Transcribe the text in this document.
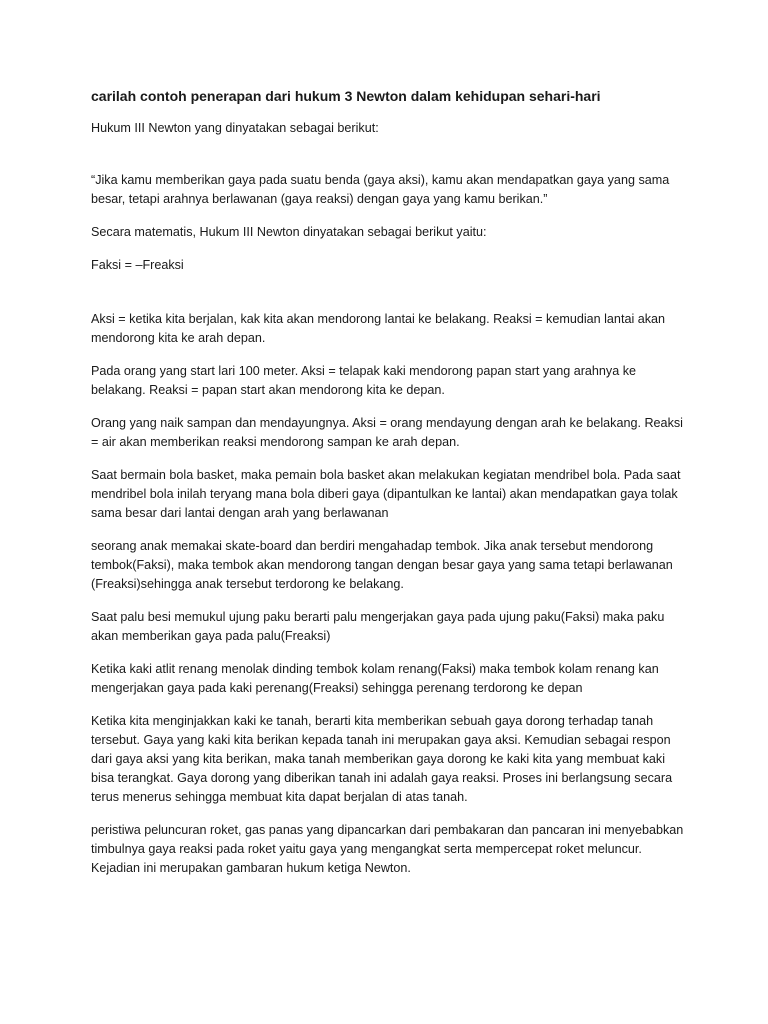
carilah contoh penerapan dari hukum 3 Newton dalam kehidupan sehari-hari

Hukum III Newton yang dinyatakan sebagai berikut:

“Jika kamu memberikan gaya pada suatu benda (gaya aksi), kamu akan mendapatkan gaya yang sama besar, tetapi arahnya berlawanan (gaya reaksi) dengan gaya yang kamu berikan.”

Secara matematis, Hukum III Newton dinyatakan sebagai berikut yaitu:

Faksi = –Freaksi

Aksi = ketika kita berjalan, kak kita akan mendorong lantai ke belakang. Reaksi = kemudian lantai akan mendorong kita ke arah depan.

Pada orang yang start lari 100 meter. Aksi = telapak kaki mendorong papan start yang arahnya ke belakang. Reaksi = papan start akan mendorong kita ke depan.

Orang yang naik sampan dan mendayungnya. Aksi = orang mendayung dengan arah ke belakang. Reaksi = air akan memberikan reaksi mendorong sampan ke arah depan.

Saat bermain bola basket, maka pemain bola basket akan melakukan kegiatan mendribel bola. Pada saat mendribel bola inilah teryang mana bola diberi gaya (dipantulkan ke lantai) akan mendapatkan gaya tolak sama besar dari lantai dengan arah yang berlawanan

seorang anak memakai skate-board dan berdiri mengahadap tembok. Jika anak tersebut mendorong tembok(Faksi), maka tembok akan mendorong tangan dengan besar gaya yang sama tetapi berlawanan (Freaksi)sehingga anak tersebut terdorong ke belakang.

Saat palu besi memukul ujung paku berarti palu mengerjakan gaya pada ujung paku(Faksi) maka paku akan memberikan gaya pada palu(Freaksi)

Ketika kaki atlit renang menolak dinding tembok kolam renang(Faksi) maka tembok kolam renang kan mengerjakan gaya pada kaki perenang(Freaksi) sehingga perenang terdorong ke depan

Ketika kita menginjakkan kaki ke tanah, berarti kita memberikan sebuah gaya dorong terhadap tanah tersebut. Gaya yang kaki kita berikan kepada tanah ini merupakan gaya aksi. Kemudian sebagai respon dari gaya aksi yang kita berikan, maka tanah memberikan gaya dorong ke kaki kita yang membuat kaki bisa terangkat. Gaya dorong yang diberikan tanah ini adalah gaya reaksi. Proses ini berlangsung secara terus menerus sehingga membuat kita dapat berjalan di atas tanah.

peristiwa peluncuran roket, gas panas yang dipancarkan dari pembakaran dan pancaran ini menyebabkan timbulnya gaya reaksi pada roket yaitu gaya yang mengangkat serta mempercepat roket meluncur. Kejadian ini merupakan gambaran hukum ketiga Newton.
